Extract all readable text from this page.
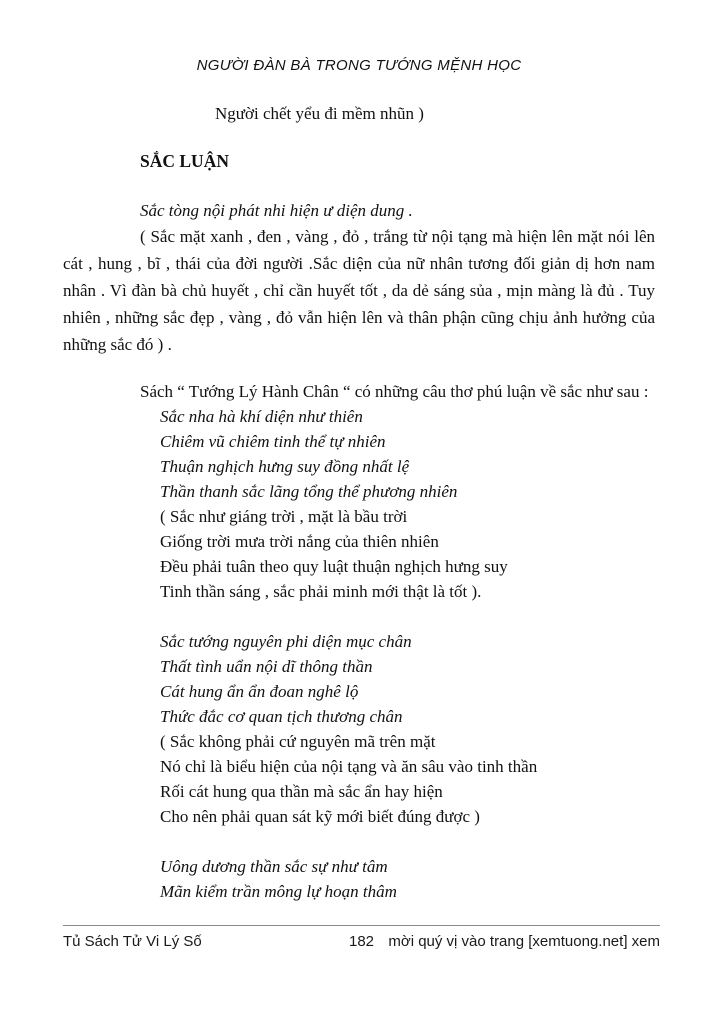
NGƯỜI ĐÀN BÀ TRONG TƯỚNG MỆNH HỌC
Người chết yểu đi mềm nhũn )
SẮC LUẬN
Sắc tòng nội phát nhi hiện ư diện dung .
( Sắc mặt xanh , đen , vàng , đỏ , trắng từ nội tạng mà hiện lên mặt nói lên cát , hung , bĩ , thái của đời người .Sắc diện của nữ nhân tương đối giản dị hơn nam nhân . Vì đàn bà chủ huyết , chỉ cần huyết tốt , da dẻ sáng sủa , mịn màng là đủ . Tuy nhiên , những sắc đẹp , vàng , đỏ vẫn hiện lên và thân phận cũng chịu ảnh hưởng của những sắc đó ) .
Sách “ Tướng Lý Hành Chân “ có những câu thơ phú luận về sắc như sau :
Sắc nha hà khí diện như thiên
Chiêm vũ chiêm tinh thể tự nhiên
Thuận nghịch hưng suy đồng nhất lệ
Thần thanh sắc lãng tổng thể phương nhiên
( Sắc như giáng trời , mặt là bầu trời
Giống trời mưa trời nắng của thiên nhiên
Đều phải tuân theo quy luật thuận nghịch hưng suy
Tinh thần sáng , sắc phải minh mới thật là tốt ).
Sắc tướng nguyên phi diện mục chân
Thất tình uẩn nội dĩ thông thần
Cát hung ẩn ẩn đoan nghê lộ
Thức đắc cơ quan tịch thương chân
( Sắc không phải cứ nguyên mã trên mặt
Nó chỉ là biểu hiện của nội tạng và ăn sâu vào tinh thần
Rối cát hung qua thần mà sắc ẩn hay hiện
Cho nên phải quan sát kỹ mới biết đúng được )
Uông dương thần sắc sự như tâm
Mãn kiểm trần mông lự hoạn thâm
Tủ Sách Tử Vi Lý Số	182 mời quý vị vào trang [xemtuong.net] xem
